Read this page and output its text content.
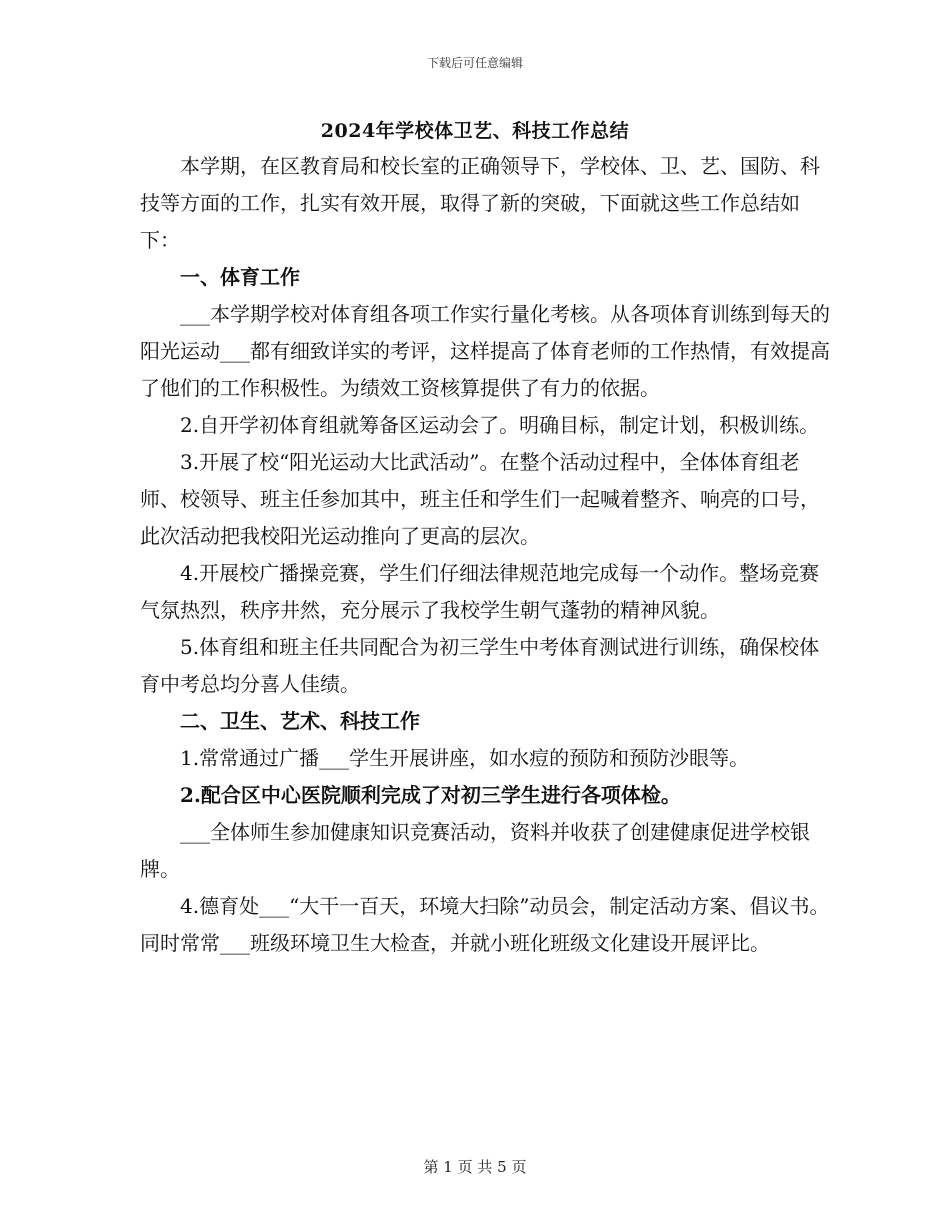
下载后可任意编辑
2024年学校体卫艺、科技工作总结

本学期，在区教育局和校长室的正确领导下，学校体、卫、艺、国防、科技等方面的工作，扎实有效开展，取得了新的突破，下面就这些工作总结如下：

一、体育工作

___本学期学校对体育组各项工作实行量化考核。从各项体育训练到每天的阳光运动___都有细致详实的考评，这样提高了体育老师的工作热情，有效提高了他们的工作积极性。为绩效工资核算提供了有力的依据。

2.自开学初体育组就筹备区运动会了。明确目标，制定计划，积极训练。

3.开展了校“阳光运动大比武活动”。在整个活动过程中，全体体育组老师、校领导、班主任参加其中，班主任和学生们一起喊着整齐、响亮的口号，此次活动把我校阳光运动推向了更高的层次。

4.开展校广播操竞赛，学生们仔细法律规范地完成每一个动作。整场竞赛气氛热烈，秩序井然，充分展示了我校学生朝气蓬勃的精神风貌。

5.体育组和班主任共同配合为初三学生中考体育测试进行训练，确保校体育中考总均分喜人佳绩。

二、卫生、艺术、科技工作

1.常常通过广播___学生开展讲座，如水痘的预防和预防沙眼等。

2.配合区中心医院顺利完成了对初三学生进行各项体检。

___全体师生参加健康知识竞赛活动，资料并收获了创建健康促进学校银牌。

4.德育处___“大干一百天，环境大扫除”动员会，制定活动方案、倡议书。同时常常___班级环境卫生大检查，并就小班化班级文化建设开展评比。

第 1 页 共 5 页
